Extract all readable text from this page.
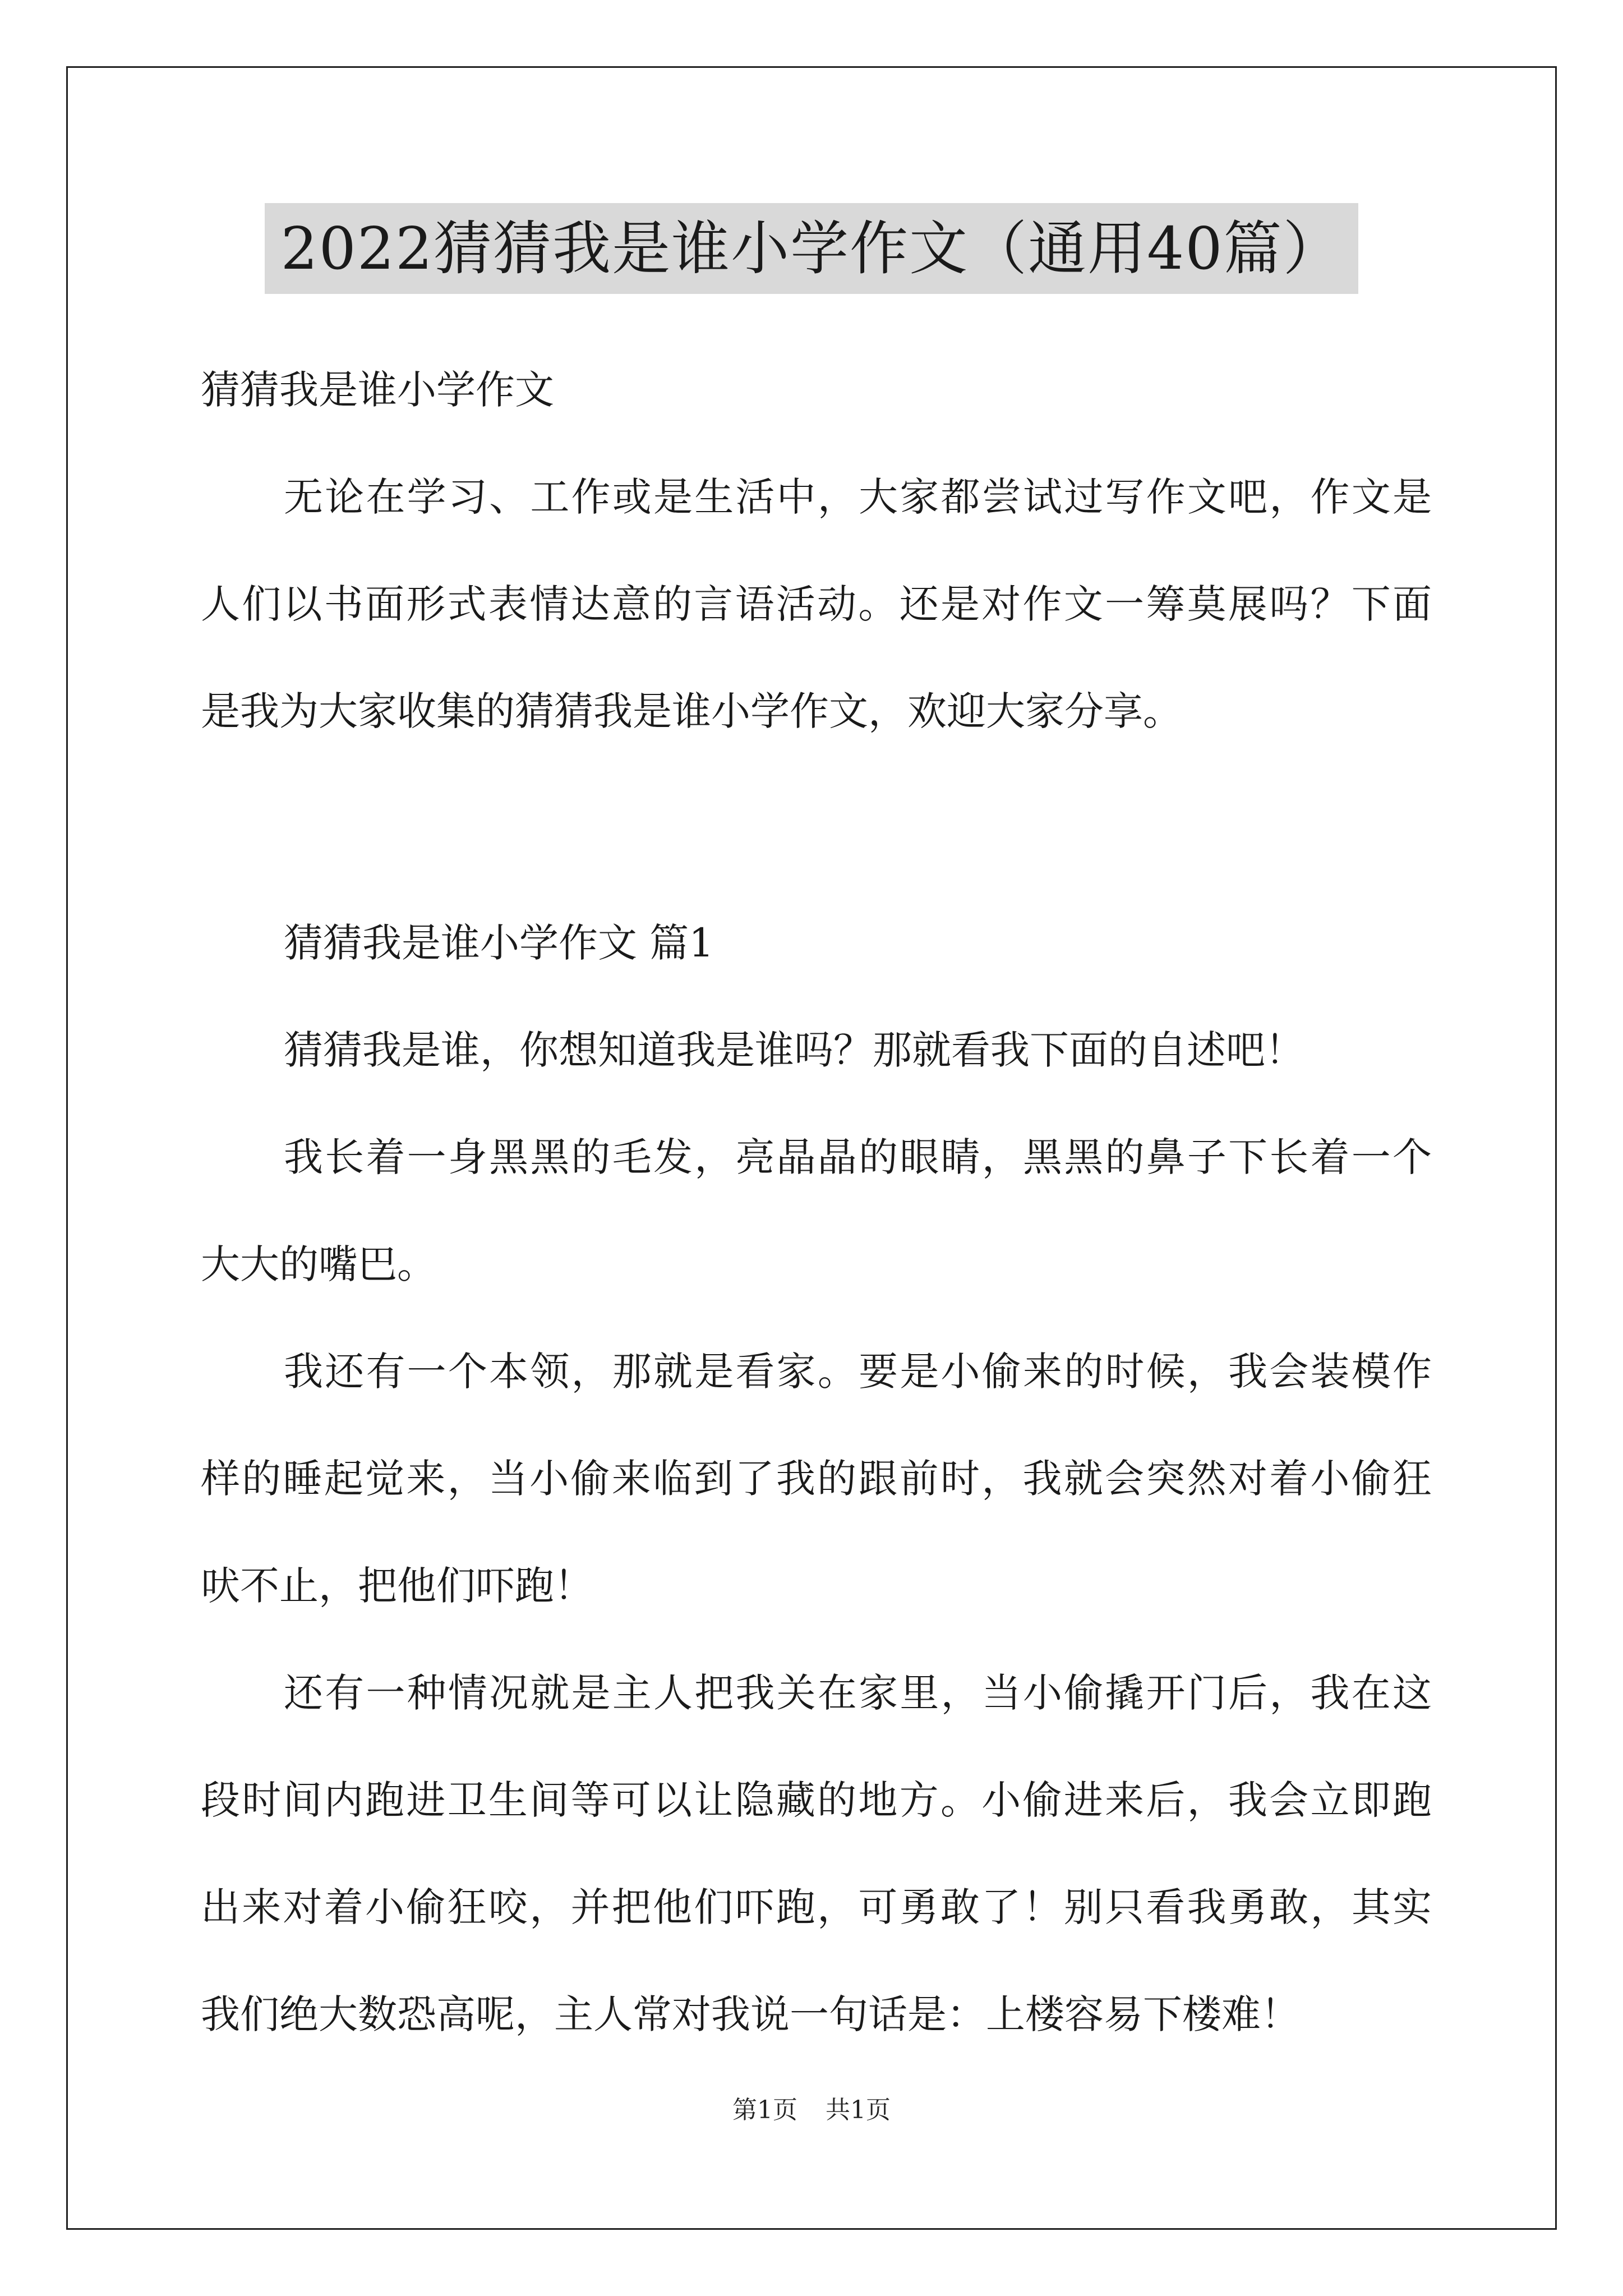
2022猜猜我是谁小学作文（通用40篇）

猜猜我是谁小学作文

无论在学习、工作或是生活中，大家都尝试过写作文吧，作文是

人们以书面形式表情达意的言语活动。还是对作文一筹莫展吗？下面

是我为大家收集的猜猜我是谁小学作文，欢迎大家分享。

猜猜我是谁小学作文 篇1

猜猜我是谁，你想知道我是谁吗？那就看我下面的自述吧！

我长着一身黑黑的毛发，亮晶晶的眼睛，黑黑的鼻子下长着一个

大大的嘴巴。

我还有一个本领，那就是看家。要是小偷来的时候，我会装模作

样的睡起觉来，当小偷来临到了我的跟前时，我就会突然对着小偷狂

吠不止，把他们吓跑！

还有一种情况就是主人把我关在家里，当小偷撬开门后，我在这

段时间内跑进卫生间等可以让隐藏的地方。小偷进来后，我会立即跑

出来对着小偷狂咬，并把他们吓跑，可勇敢了！别只看我勇敢，其实

我们绝大数恐高呢，主人常对我说一句话是：上楼容易下楼难！

第1页 共1页
